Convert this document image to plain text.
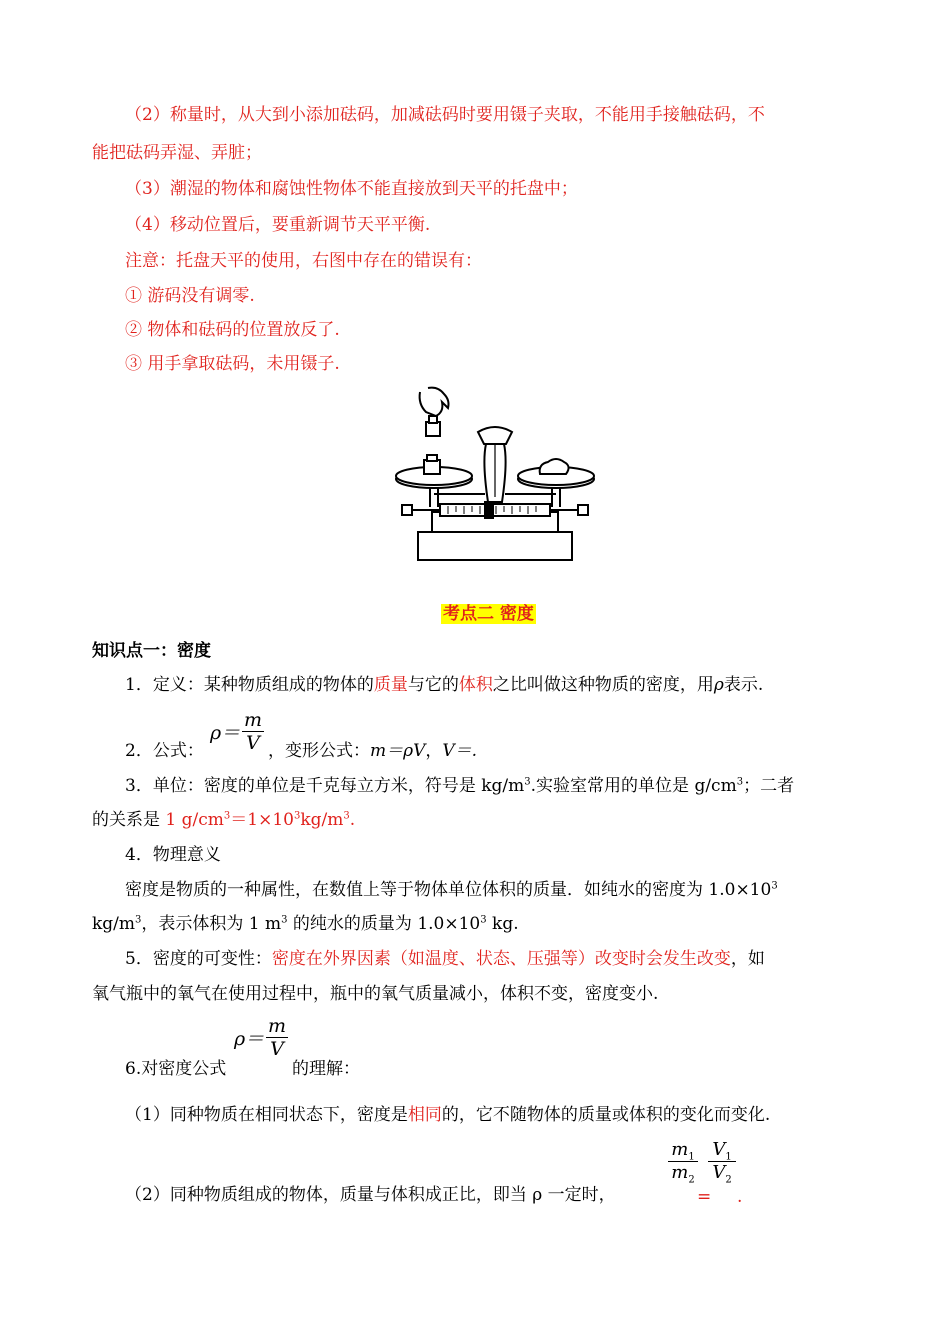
（2）称量时，从大到小添加砝码，加减砝码时要用镊子夹取，不能用手接触砝码，不
能把砝码弄湿、弄脏；
（3）潮湿的物体和腐蚀性物体不能直接放到天平的托盘中；
（4）移动位置后，要重新调节天平平衡.
注意：托盘天平的使用，右图中存在的错误有：
① 游码没有调零.
② 物体和砝码的位置放反了.
③ 用手拿取砝码，未用镊子.
考点二 密度
知识点一：密度
1．定义：某种物质组成的物体的质量与它的体积之比叫做这种物质的密度，用ρ表示.
2．公式：
ρ＝
m
V ，变形公式：m＝ρV，V＝.
3．单位：密度的单位是千克每立方米，符号是 $kg/m^3$.实验室常用的单位是 $g/cm^3$；二者
的关系是 1 $g/cm^3=1\times 10^3kg/m^3$.
4．物理意义
密度是物质的一种属性，在数值上等于物体单位体积的质量．如纯水的密度为 $1.0\times 10^3$
$kg/m^3$，表示体积为 1 $m^3$ 的纯水的质量为 $1.0\times 10^3$ kg.
5．密度的可变性：密度在外界因素（如温度、状态、压强等）改变时会发生改变，如
氧气瓶中的氧气在使用过程中，瓶中的氧气质量减小，体积不变，密度变小.
6.对密度公式
ρ＝
m
V
的理解：
（1）同种物质在相同状态下，密度是相同的，它不随物体的质量或体积的变化而变化.
（2）同种物质组成的物体，质量与体积成正比，即当 ρ 一定时，
$m_1$
$m_2$
=
$V_1$
$V_2$
.
